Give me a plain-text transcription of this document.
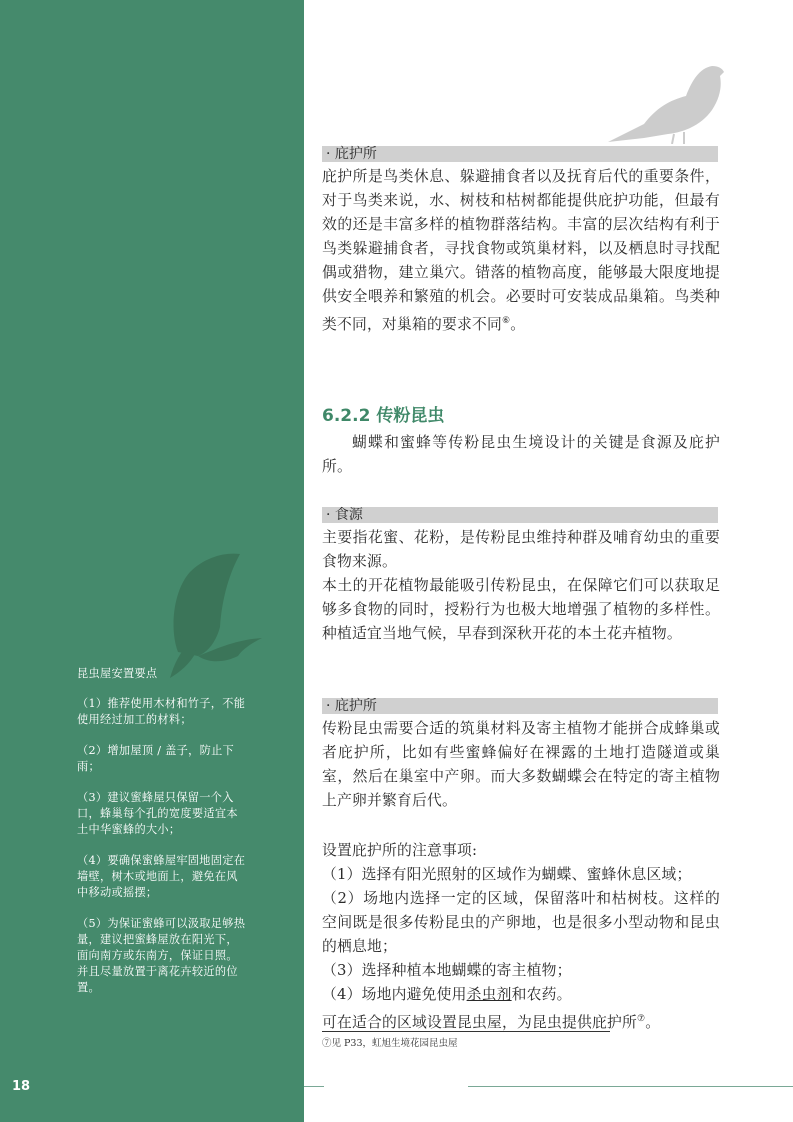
昆虫屋安置要点

（1）推荐使用木材和竹子，不能使用经过加工的材料；

（2）增加屋顶 / 盖子，防止下雨；

（3）建议蜜蜂屋只保留一个入口，蜂巢每个孔的宽度要适宜本土中华蜜蜂的大小；

（4）要确保蜜蜂屋牢固地固定在墙壁，树木或地面上，避免在风中移动或摇摆；

（5）为保证蜜蜂可以汲取足够热量，建议把蜜蜂屋放在阳光下，面向南方或东南方，保证日照。并且尽量放置于离花卉较近的位置。

18
· 庇护所

庇护所是鸟类休息、躲避捕食者以及抚育后代的重要条件，对于鸟类来说，水、树枝和枯树都能提供庇护功能，但最有效的还是丰富多样的植物群落结构。丰富的层次结构有利于鸟类躲避捕食者，寻找食物或筑巢材料，以及栖息时寻找配偶或猎物，建立巢穴。错落的植物高度，能够最大限度地提供安全喂养和繁殖的机会。必要时可安装成品巢箱。鸟类种类不同，对巢箱的要求不同⑥。

6.2.2 传粉昆虫

蝴蝶和蜜蜂等传粉昆虫生境设计的关键是食源及庇护所。

· 食源

主要指花蜜、花粉，是传粉昆虫维持种群及哺育幼虫的重要食物来源。

本土的开花植物最能吸引传粉昆虫，在保障它们可以获取足够多食物的同时，授粉行为也极大地增强了植物的多样性。种植适宜当地气候，早春到深秋开花的本土花卉植物。

· 庇护所

传粉昆虫需要合适的筑巢材料及寄主植物才能拼合成蜂巢或者庇护所，比如有些蜜蜂偏好在裸露的土地打造隧道或巢室，然后在巢室中产卵。而大多数蝴蝶会在特定的寄主植物上产卵并繁育后代。

设置庇护所的注意事项:

（1）选择有阳光照射的区域作为蝴蝶、蜜蜂休息区域；

（2）场地内选择一定的区域，保留落叶和枯树枝。这样的空间既是很多传粉昆虫的产卵地，也是很多小型动物和昆虫的栖息地；

（3）选择种植本地蝴蝶的寄主植物；

（4）场地内避免使用杀虫剂和农药。

可在适合的区域设置昆虫屋，为昆虫提供庇护所⑦。

⑦见 P33，虹旭生境花园昆虫屋
